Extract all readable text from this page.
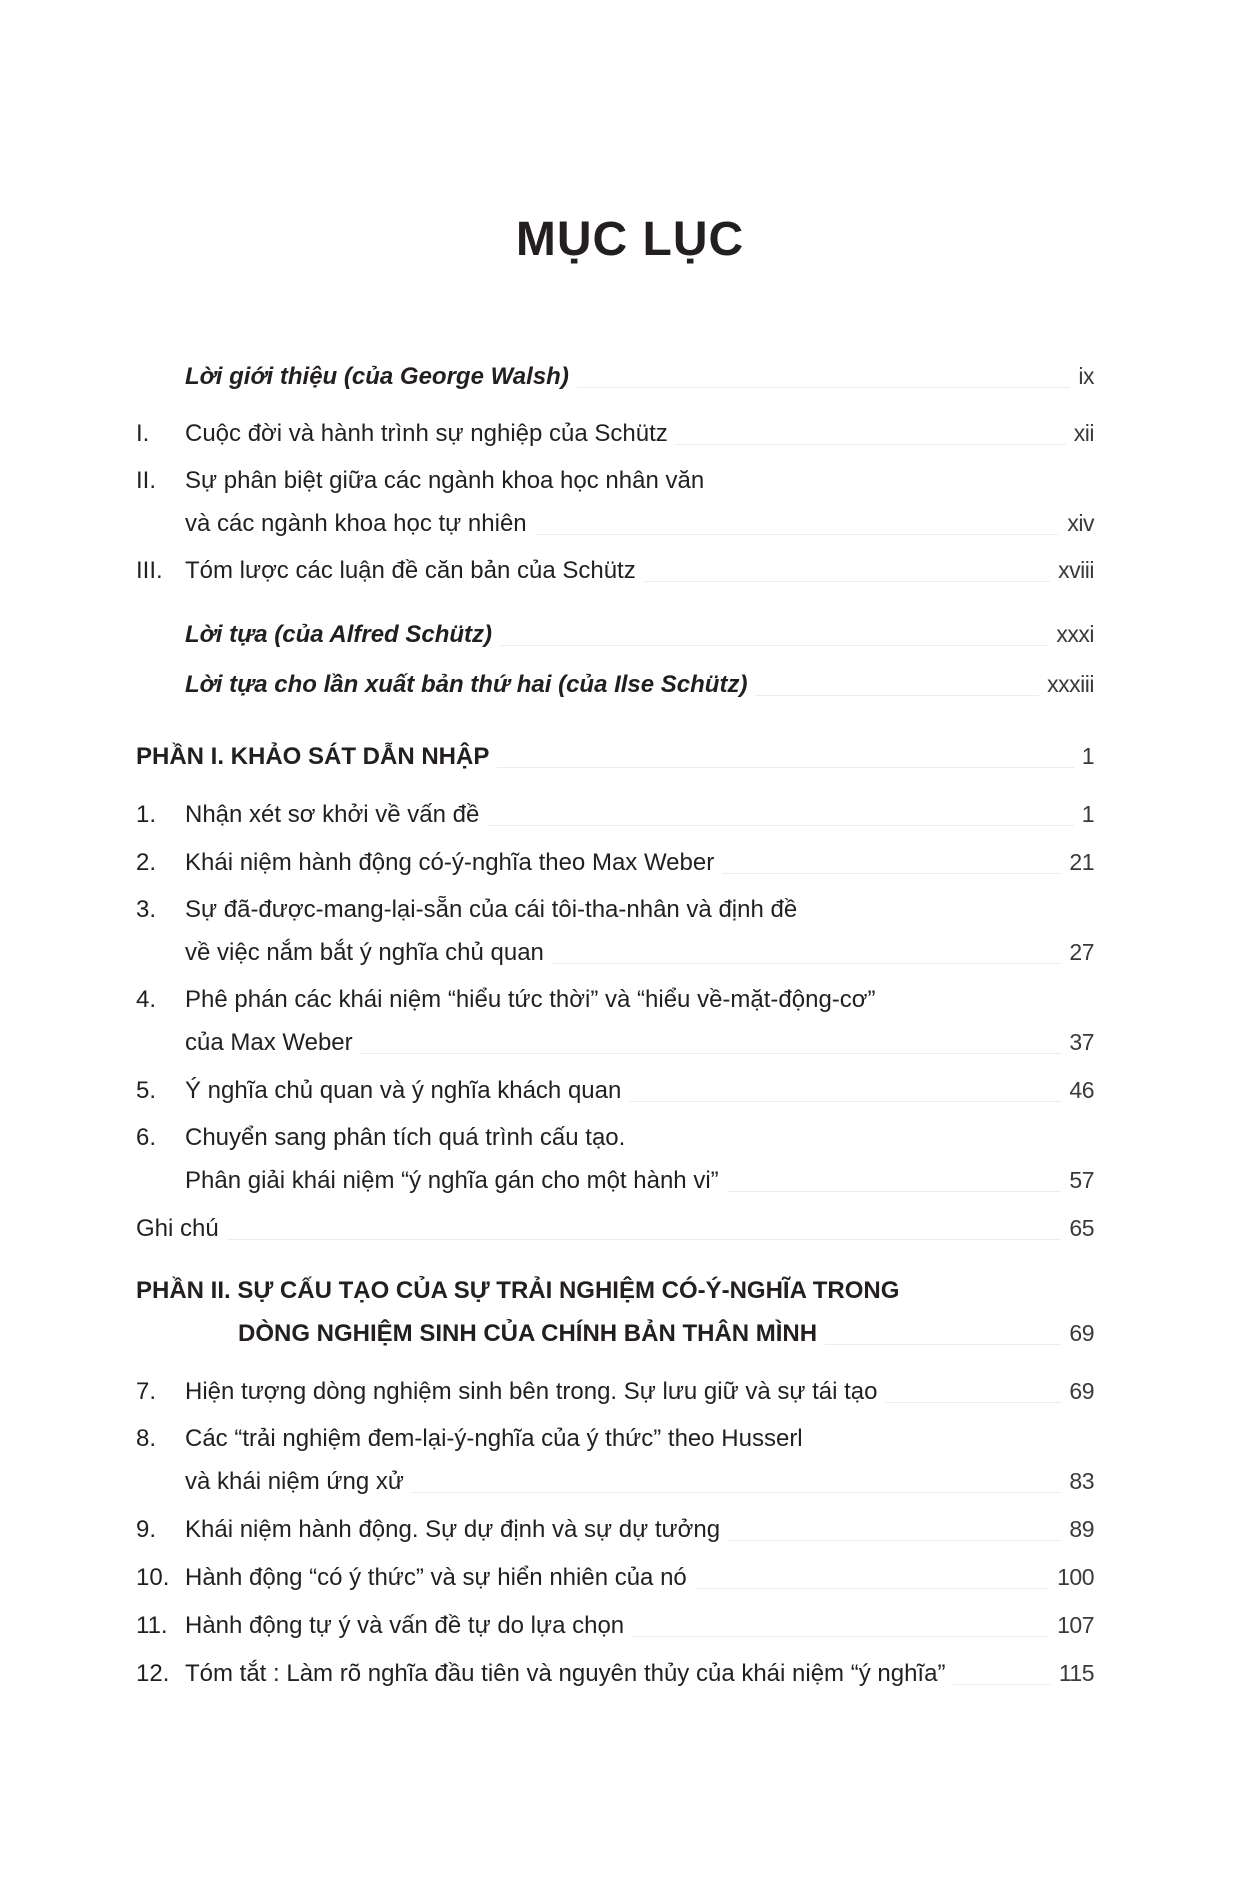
MỤC LỤC
Lời giới thiệu (của George Walsh)	ix
I.	Cuộc đời và hành trình sự nghiệp của Schütz	xii
II.	Sự phân biệt giữa các ngành khoa học nhân văn
và các ngành khoa học tự nhiên	xiv
III. Tóm lược các luận đề căn bản của Schütz	xviii
Lời tựa (của Alfred Schütz)	xxxi
Lời tựa cho lần xuất bản thứ hai (của Ilse Schütz)	xxxiii
PHẦN I. KHẢO SÁT DẪN NHẬP	1
1.	Nhận xét sơ khởi về vấn đề	1
2.	Khái niệm hành động có-ý-nghĩa theo Max Weber	21
3.	Sự đã-được-mang-lại-sẵn của cái tôi-tha-nhân và định đề
về việc nắm bắt ý nghĩa chủ quan	27
4.	Phê phán các khái niệm “hiểu tức thời” và “hiểu về-mặt-động-cơ”
của Max Weber	37
5.	Ý nghĩa chủ quan và ý nghĩa khách quan	46
6.	Chuyển sang phân tích quá trình cấu tạo.
Phân giải khái niệm “ý nghĩa gán cho một hành vi”	57
Ghi chú	65
PHẦN II. SỰ CẤU TẠO CỦA SỰ TRẢI NGHIỆM CÓ-Ý-NGHĨA TRONG
DÒNG NGHIỆM SINH CỦA CHÍNH BẢN THÂN MÌNH	69
7.	Hiện tượng dòng nghiệm sinh bên trong. Sự lưu giữ và sự tái tạo	69
8.	Các “trải nghiệm đem-lại-ý-nghĩa của ý thức” theo Husserl
và khái niệm ứng xử	83
9.	Khái niệm hành động. Sự dự định và sự dự tưởng	89
10. Hành động “có ý thức” và sự hiển nhiên của nó	100
11. Hành động tự ý và vấn đề tự do lựa chọn	107
12. Tóm tắt : Làm rõ nghĩa đầu tiên và nguyên thủy của khái niệm “ý nghĩa”	115
